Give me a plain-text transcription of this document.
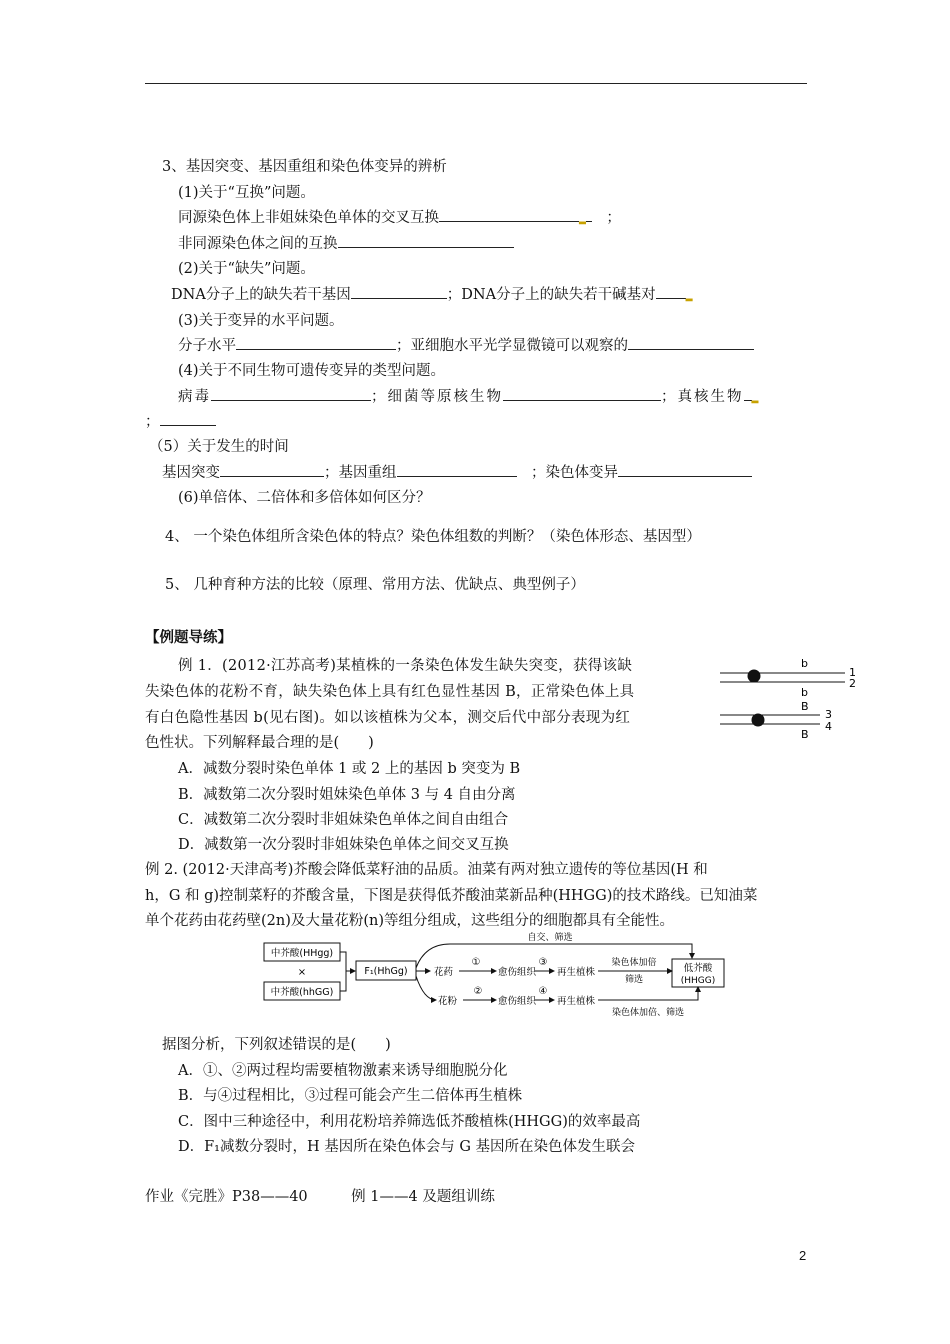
3、基因突变、基因重组和染色体变异的辨析
(1)关于“互换”问题。
同源染色体上非姐妹染色单体的交叉互换	▂　 ；
非同源染色体之间的互换
(2)关于“缺失”问题。
DNA分子上的缺失若干基因	；DNA分子上的缺失若干碱基对	▂
(3)关于变异的水平问题。
分子水平	；亚细胞水平光学显微镜可以观察的
(4)关于不同生物可遗传变异的类型问题。
病毒	；细菌等原核生物	；真核生物 ▂
；
（5）关于发生的时间
基因突变	；基因重组　	；染色体变异
(6)单倍体、二倍体和多倍体如何区分？
4、 一个染色体组所含染色体的特点？染色体组数的判断？（染色体形态、基因型）
5、 几种育种方法的比较（原理、常用方法、优缺点、典型例子）
【例题导练】
例 1．(2012·江苏高考)某植株的一条染色体发生缺失突变，获得该缺
失染色体的花粉不育，缺失染色体上具有红色显性基因 B，正常染色体上具
有白色隐性基因 b(见右图)。如以该植株为父本，测交后代中部分表现为红
色性状。下列解释最合理的是(　　)
A．减数分裂时染色单体 1 或 2 上的基因 b 突变为 B
B．减数第二次分裂时姐妹染色单体 3 与 4 自由分离
C．减数第二次分裂时非姐妹染色单体之间自由组合
D．减数第一次分裂时非姐妹染色单体之间交叉互换
b
b
1
2
B
B
3
4
例 2. (2012·天津高考)芥酸会降低菜籽油的品质。油菜有两对独立遗传的等位基因(H 和
h，G 和 g)控制菜籽的芥酸含量，下图是获得低芥酸油菜新品种(HHGG)的技术路线。已知油菜
单个花药由花药壁(2n)及大量花粉(n)等组分组成，这些组分的细胞都具有全能性。
中芥酸(HHgg)
×
中芥酸(hhGG)
F₁(HhGg)
自交、筛选
花药
①
愈伤组织
③
再生植株
染色体加倍
筛选
花粉
②
愈伤组织
④
再生植株
染色体加倍、筛选
低芥酸
(HHGG)
据图分析，下列叙述错误的是(　　)
A．①、②两过程均需要植物激素来诱导细胞脱分化
B．与④过程相比，③过程可能会产生二倍体再生植株
C．图中三种途径中，利用花粉培养筛选低芥酸植株(HHGG)的效率最高
D．F₁减数分裂时，H 基因所在染色体会与 G 基因所在染色体发生联会
作业《完胜》P38——40　　　例 1——4 及题组训练
2
